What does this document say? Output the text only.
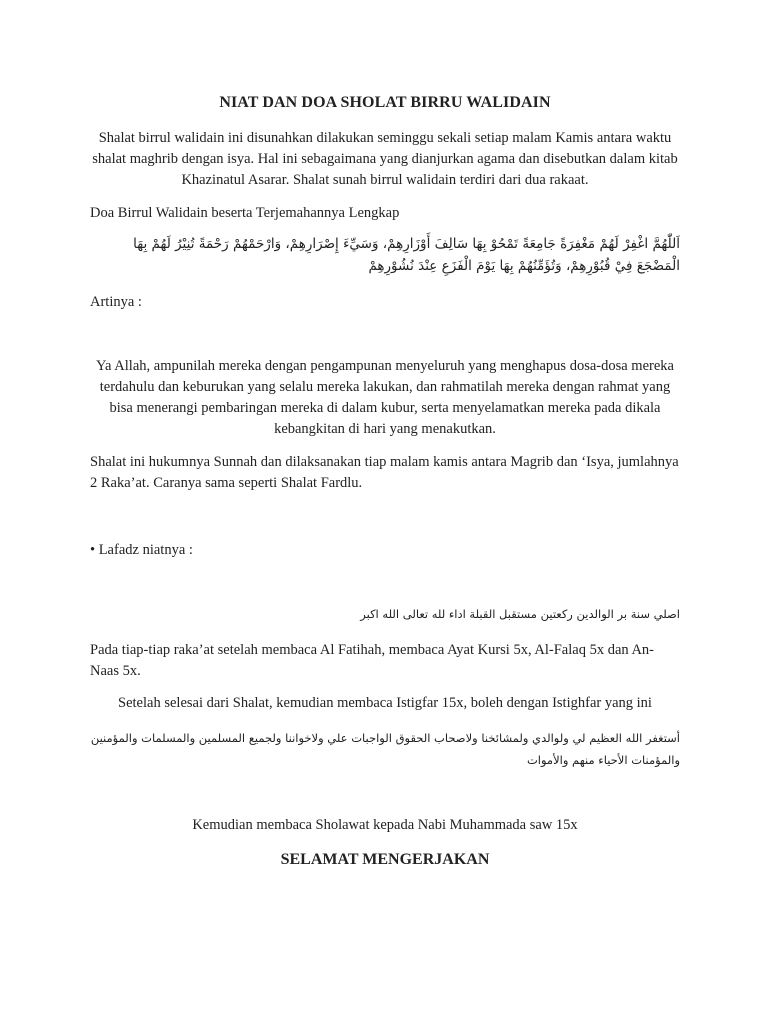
NIAT DAN DOA SHOLAT BIRRU WALIDAIN

Shalat birrul walidain ini disunahkan dilakukan seminggu sekali setiap malam Kamis antara waktu shalat maghrib dengan isya. Hal ini sebagaimana yang dianjurkan agama dan disebutkan dalam kitab Khazinatul Asarar. Shalat sunah birrul walidain terdiri dari dua rakaat.

Doa Birrul Walidain beserta Terjemahannya Lengkap

اَللّٰهُمَّ اغْفِرْ لَهُمْ مَغْفِرَةً جَامِعَةً تَمْحُوْ بِهَا سَالِفَ أَوْزَارِهِمْ، وَسَيِّءَ إِصْرَارِهِمْ، وَارْحَمْهُمْ رَحْمَةً تُنِيْرُ لَهُمْ بِهَا الْمَضْجَعَ فِيْ قُبُوْرِهِمْ، وَتُؤَمِّنُهُمْ بِهَا يَوْمَ الْفَزَعِ عِنْدَ نُشُوْرِهِمْ

Artinya :

Ya Allah, ampunilah mereka dengan pengampunan menyeluruh yang menghapus dosa-dosa mereka terdahulu dan keburukan yang selalu mereka lakukan, dan rahmatilah mereka dengan rahmat yang bisa menerangi pembaringan mereka di dalam kubur, serta menyelamatkan mereka pada dikala kebangkitan di hari yang menakutkan.

Shalat ini hukumnya Sunnah dan dilaksanakan tiap malam kamis antara Magrib dan ‘Isya, jumlahnya 2 Raka’at. Caranya sama seperti Shalat Fardlu.

• Lafadz niatnya :

اصلي سنة بر الوالدين ركعتين مستقبل القبلة اداء لله تعالى الله اكبر

Pada tiap-tiap raka’at setelah membaca Al Fatihah, membaca Ayat Kursi 5x, Al-Falaq 5x dan An-Naas 5x.

Setelah selesai dari Shalat, kemudian membaca Istigfar 15x, boleh dengan Istighfar yang ini

أستغفر الله العظيم لي ولوالدي ولمشائخنا ولاصحاب الحقوق الواجبات علي ولاخواننا ولجميع المسلمين والمسلمات والمؤمنين والمؤمنات الأحياء منهم والأموات

Kemudian membaca Sholawat kepada Nabi Muhammada saw 15x

SELAMAT MENGERJAKAN
